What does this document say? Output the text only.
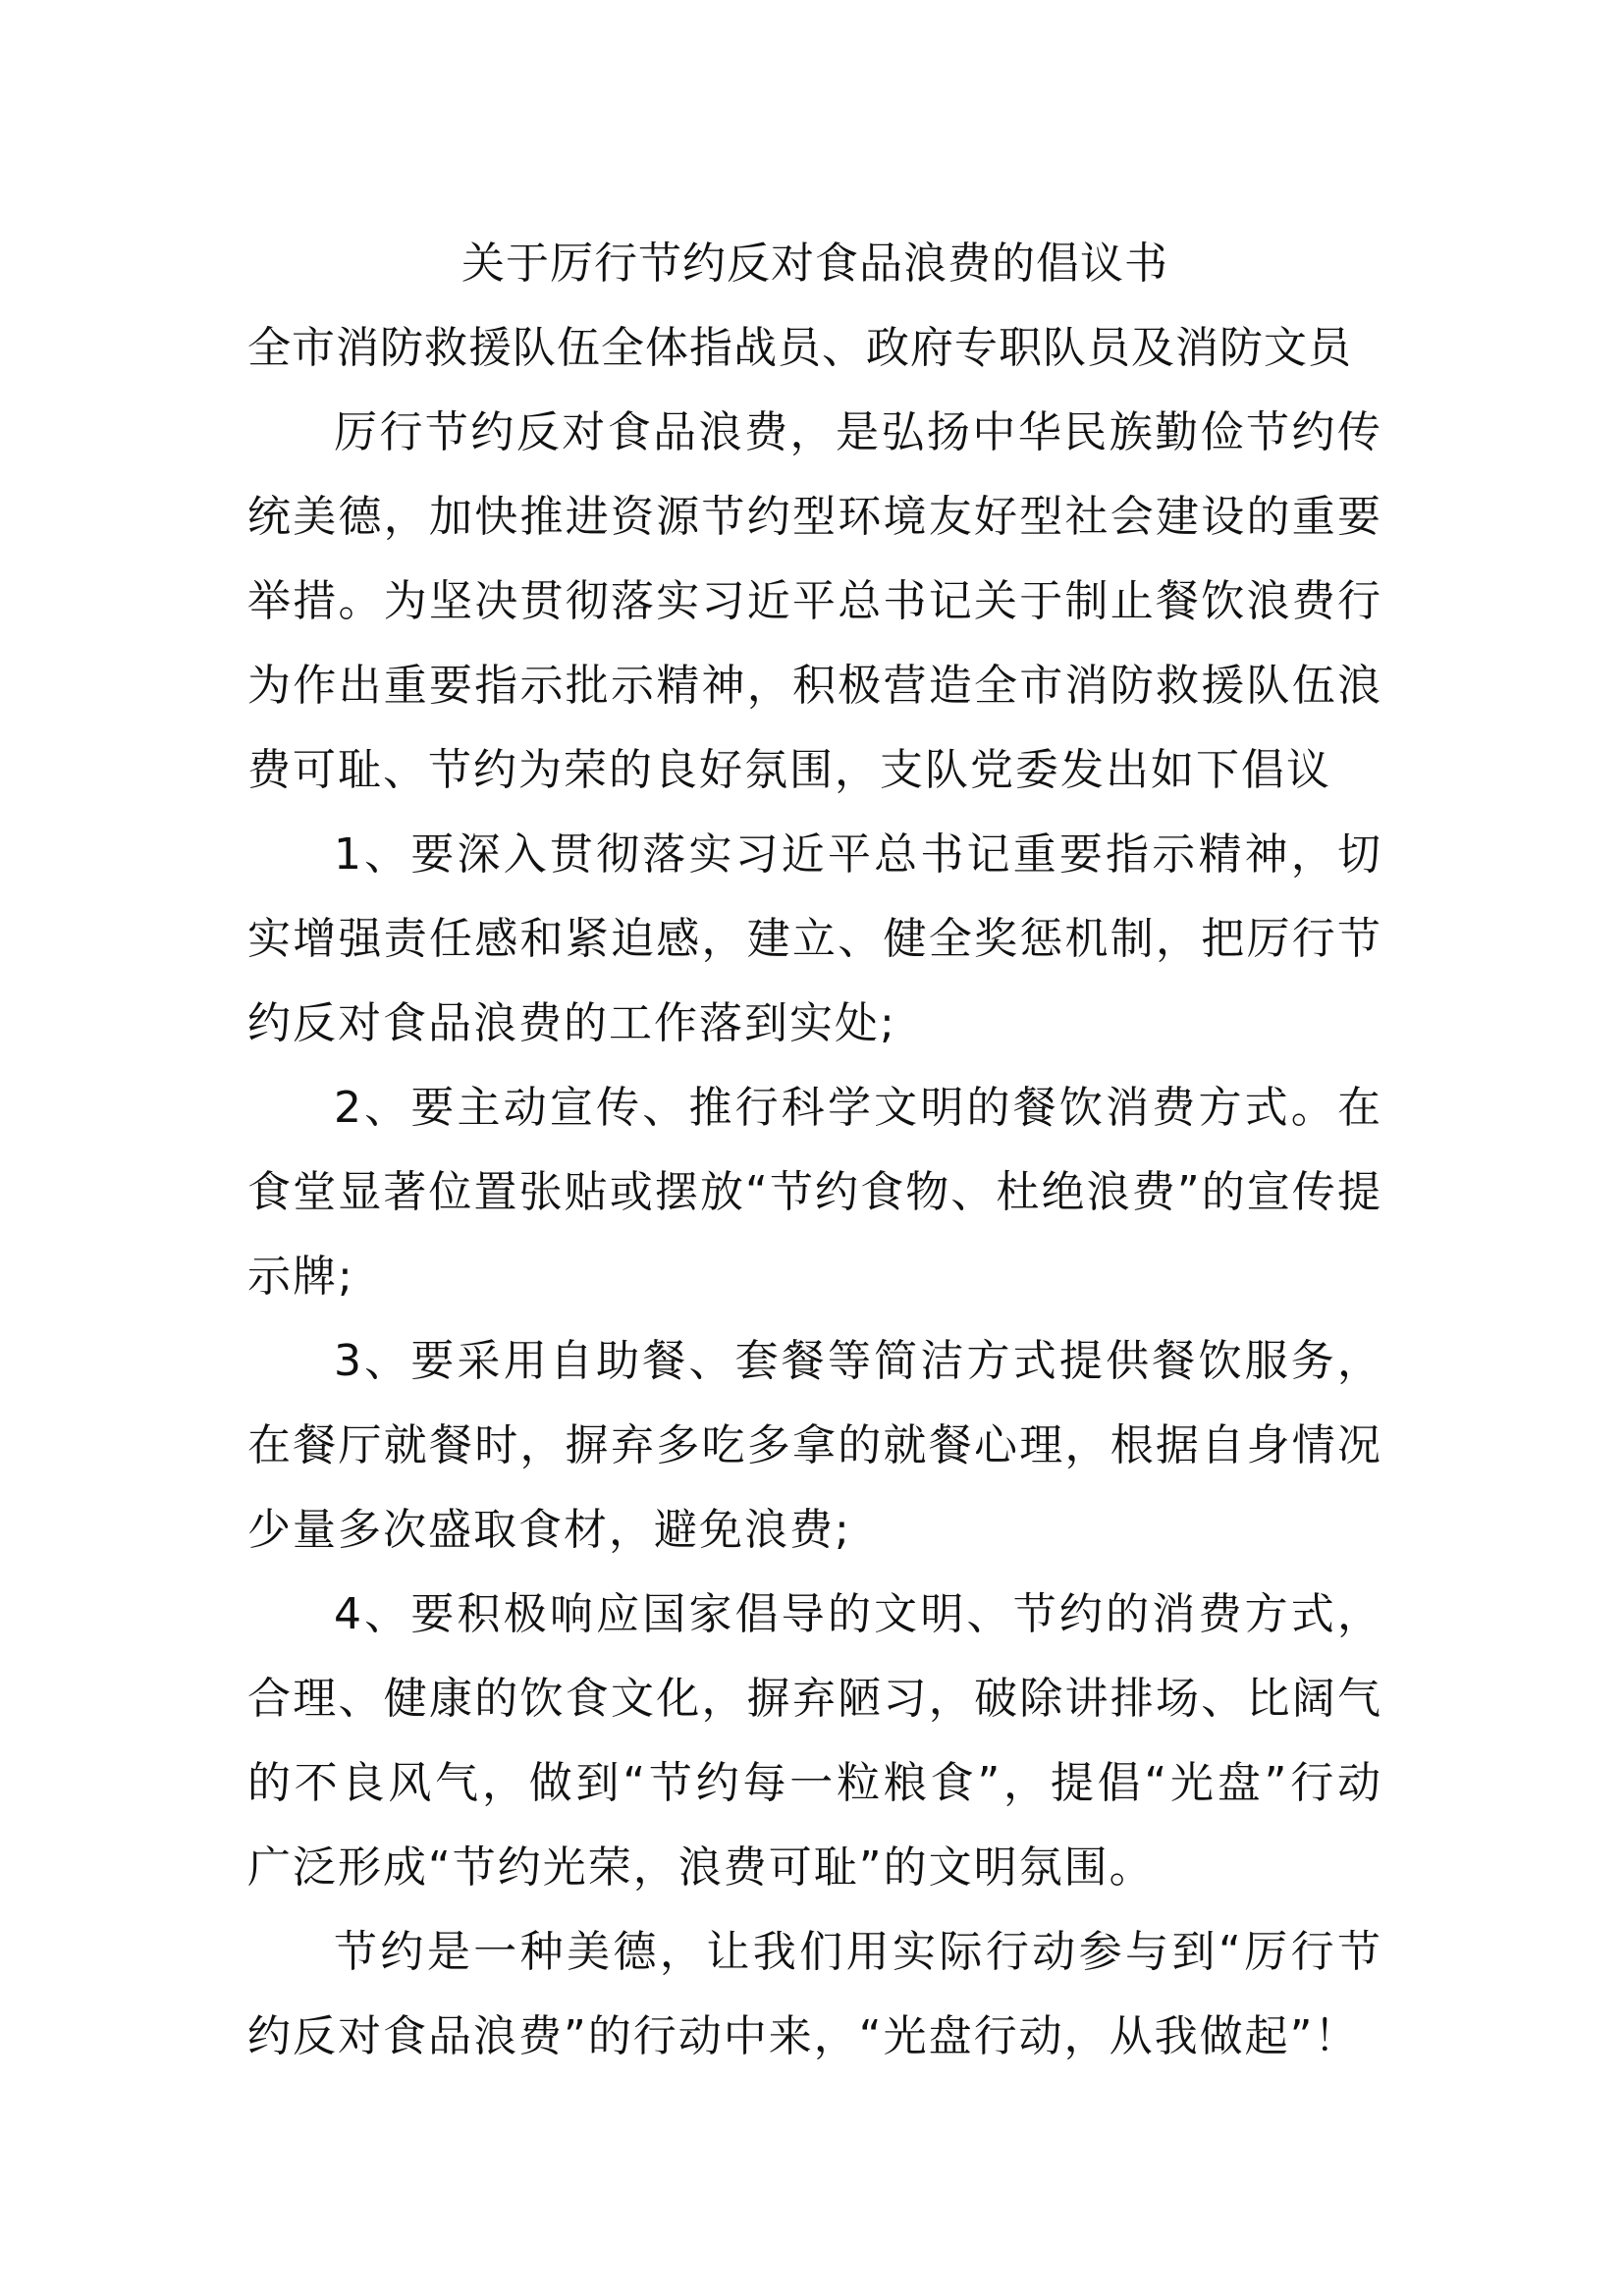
关于厉行节约反对食品浪费的倡议书

全市消防救援队伍全体指战员、政府专职队员及消防文员

厉行节约反对食品浪费，是弘扬中华民族勤俭节约传统美德，加快推进资源节约型环境友好型社会建设的重要举措。为坚决贯彻落实习近平总书记关于制止餐饮浪费行为作出重要指示批示精神，积极营造全市消防救援队伍浪费可耻、节约为荣的良好氛围，支队党委发出如下倡议

1、要深入贯彻落实习近平总书记重要指示精神，切实增强责任感和紧迫感，建立、健全奖惩机制，把厉行节约反对食品浪费的工作落到实处;

2、要主动宣传、推行科学文明的餐饮消费方式。在食堂显著位置张贴或摆放“节约食物、杜绝浪费”的宣传提示牌;

3、要采用自助餐、套餐等简洁方式提供餐饮服务，在餐厅就餐时，摒弃多吃多拿的就餐心理，根据自身情况少量多次盛取食材，避免浪费;

4、要积极响应国家倡导的文明、节约的消费方式，合理、健康的饮食文化，摒弃陋习，破除讲排场、比阔气的不良风气，做到“节约每一粒粮食”，提倡“光盘”行动广泛形成“节约光荣，浪费可耻”的文明氛围。

节约是一种美德，让我们用实际行动参与到“厉行节约反对食品浪费”的行动中来，“光盘行动，从我做起”！
